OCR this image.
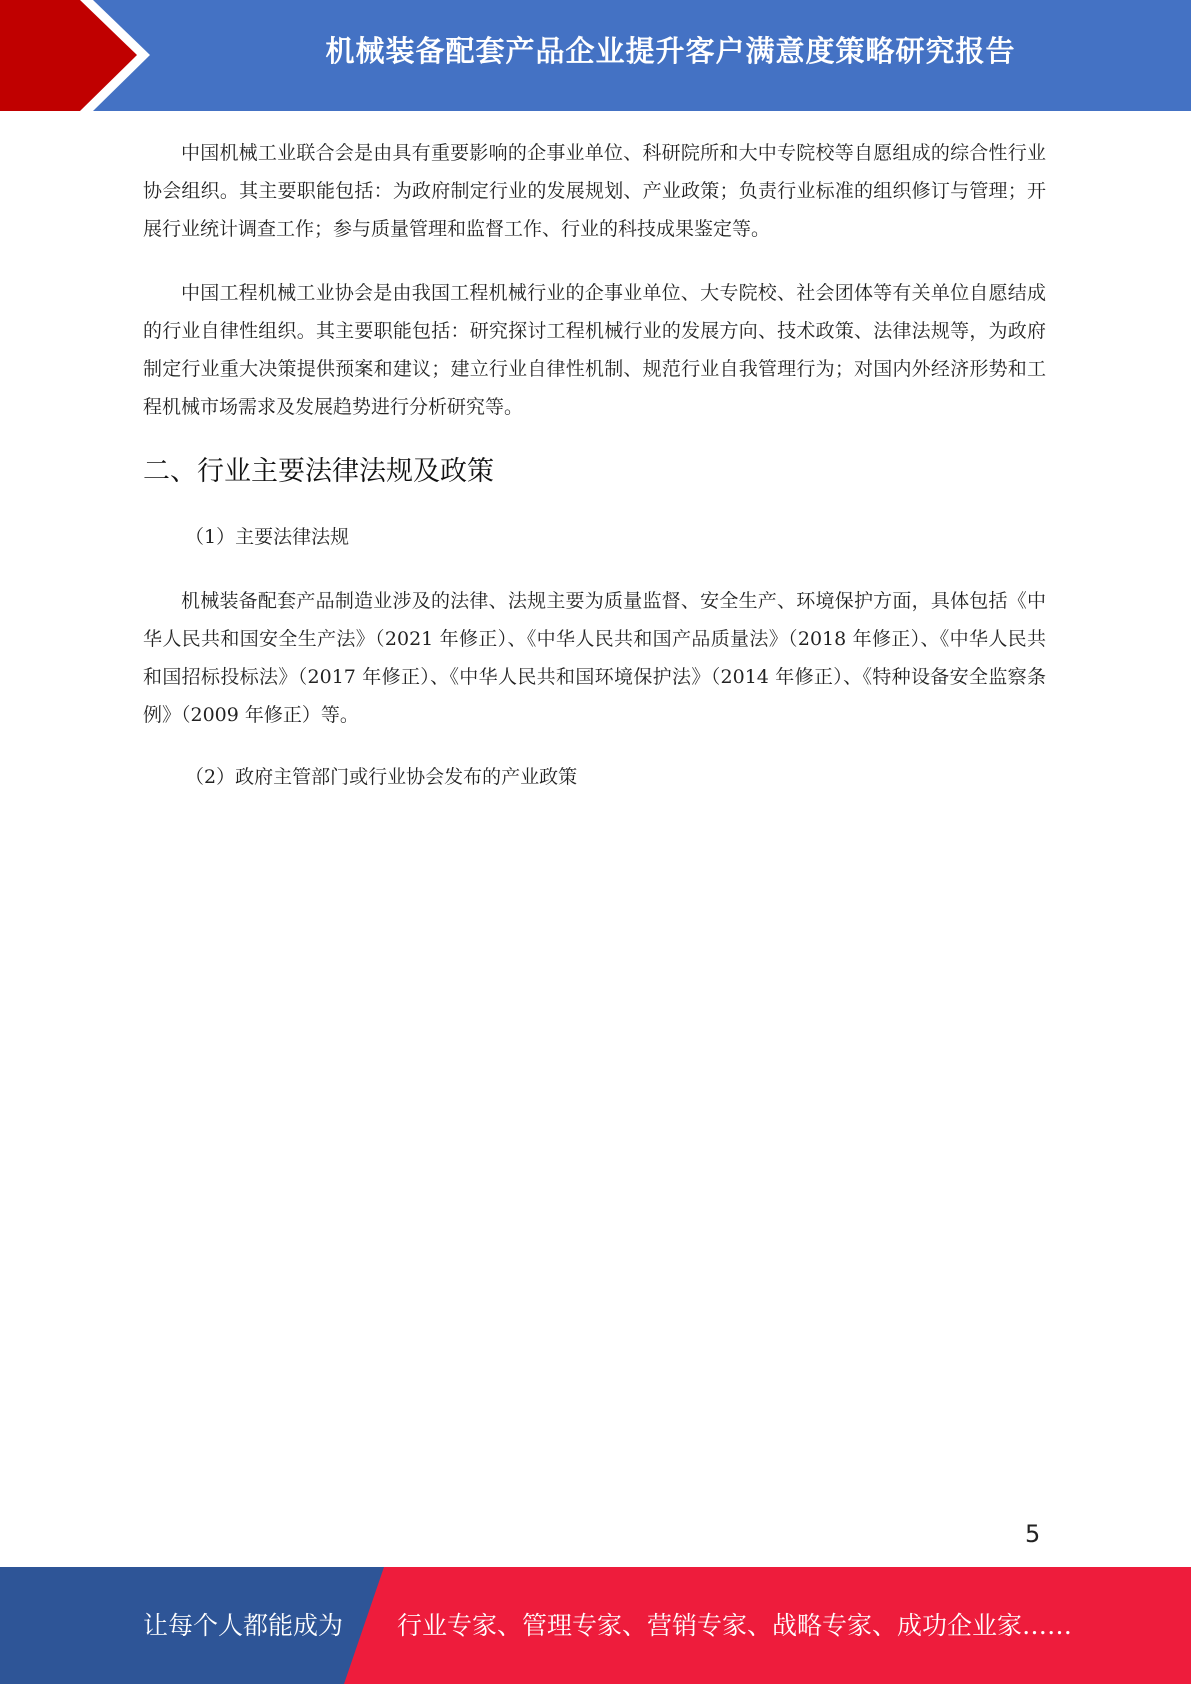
机械装备配套产品企业提升客户满意度策略研究报告

中国机械工业联合会是由具有重要影响的企事业单位、科研院所和大中专院校等自愿组成的综合性行业协会组织。其主要职能包括：为政府制定行业的发展规划、产业政策；负责行业标准的组织修订与管理；开展行业统计调查工作；参与质量管理和监督工作、行业的科技成果鉴定等。

中国工程机械工业协会是由我国工程机械行业的企事业单位、大专院校、社会团体等有关单位自愿结成的行业自律性组织。其主要职能包括：研究探讨工程机械行业的发展方向、技术政策、法律法规等，为政府制定行业重大决策提供预案和建议；建立行业自律性机制、规范行业自我管理行为；对国内外经济形势和工程机械市场需求及发展趋势进行分析研究等。

二、行业主要法律法规及政策

（1）主要法律法规

机械装备配套产品制造业涉及的法律、法规主要为质量监督、安全生产、环境保护方面，具体包括《中华人民共和国安全生产法》（2021 年修正）、《中华人民共和国产品质量法》（2018 年修正）、《中华人民共和国招标投标法》（2017 年修正）、《中华人民共和国环境保护法》（2014 年修正）、《特种设备安全监察条例》（2009 年修正）等。

（2）政府主管部门或行业协会发布的产业政策

5
让每个人都能成为 行业专家、管理专家、营销专家、战略专家、成功企业家……
